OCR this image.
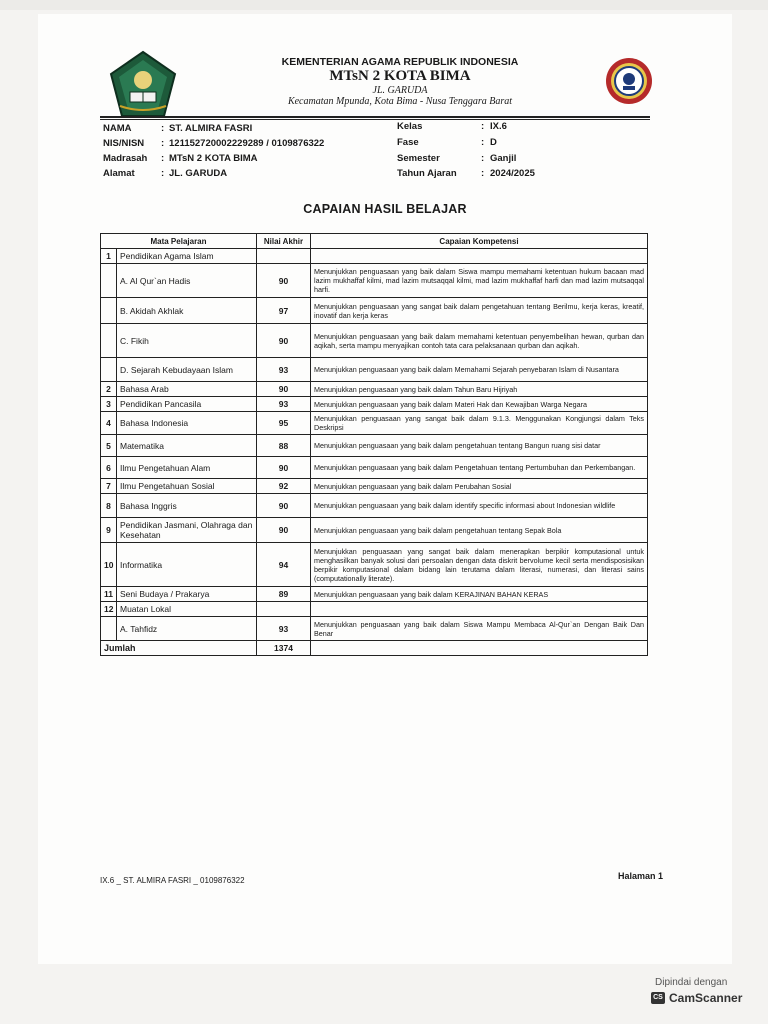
KEMENTERIAN AGAMA REPUBLIK INDONESIA
MTsN 2 KOTA BIMA
JL. GARUDA
Kecamatan Mpunda, Kota Bima - Nusa Tenggara Barat
NAMA	: ST. ALMIRA FASRI
NIS/NISN : 121152720002229289 / 0109876322
Madrasah : MTsN 2 KOTA BIMA
Alamat	: JL. GARUDA
Kelas	: IX.6
Fase	: D
Semester	: Ganjil
Tahun Ajaran	: 2024/2025
CAPAIAN HASIL BELAJAR
Mata Pelajaran		Nilai Akhir	Capaian Kompetensi
1	Pendidikan Agama Islam		
	A. Al Qur`an Hadis	90	Menunjukkan penguasaan yang baik dalam Siswa mampu memahami ketentuan hukum bacaan mad lazim mukhaffaf kilmi, mad lazim mutsaqqal kilmi, mad lazim mukhaffaf harfi dan mad lazim mutsaqqal harfi.
	B. Akidah Akhlak	97	Menunjukkan penguasaan yang sangat baik dalam pengetahuan tentang Berilmu, kerja keras, kreatif, inovatif dan kerja keras
	C. Fikih	90	Menunjukkan penguasaan yang baik dalam memahami ketentuan penyembelihan hewan, qurban dan aqikah, serta mampu menyajikan contoh tata cara pelaksanaan qurban dan aqikah.
	D. Sejarah Kebudayaan Islam	93	Menunjukkan penguasaan yang baik dalam Memahami Sejarah penyebaran Islam di Nusantara
2	Bahasa Arab	90	Menunjukkan penguasaan yang baik dalam Tahun Baru Hijriyah
3	Pendidikan Pancasila	93	Menunjukkan penguasaan yang baik dalam Materi Hak dan Kewajiban Warga Negara
4	Bahasa Indonesia	95	Menunjukkan penguasaan yang sangat baik dalam 9.1.3. Menggunakan Kongjungsi dalam Teks Deskripsi
5	Matematika	88	Menunjukkan penguasaan yang baik dalam pengetahuan tentang Bangun ruang sisi datar
6	Ilmu Pengetahuan Alam	90	Menunjukkan penguasaan yang baik dalam Pengetahuan tentang Pertumbuhan dan Perkembangan.
7	Ilmu Pengetahuan Sosial	92	Menunjukkan penguasaan yang baik dalam Perubahan Sosial
8	Bahasa Inggris	90	Menunjukkan penguasaan yang baik dalam identify specific informasi about Indonesian wildlife
9	Pendidikan Jasmani, Olahraga dan Kesehatan	90	Menunjukkan penguasaan yang baik dalam pengetahuan tentang Sepak Bola
10	Informatika	94	Menunjukkan penguasaan yang sangat baik dalam menerapkan berpikir komputasional untuk menghasilkan banyak solusi dari persoalan dengan data diskrit bervolume kecil serta mendisposisikan berpikir komputasional dalam bidang lain terutama dalam literasi, numerasi, dan literasi sains (computationally literate).
11	Seni Budaya / Prakarya	89	Menunjukkan penguasaan yang baik dalam KERAJINAN BAHAN KERAS
12	Muatan Lokal		
	A. Tahfidz	93	Menunjukkan penguasaan yang baik dalam Siswa Mampu Membaca Al-Qur`an Dengan Baik Dan Benar
Jumlah		1374	
IX.6 _ ST. ALMIRA FASRI _ 0109876322	Halaman 1
Dipindai dengan
CS CamScanner
